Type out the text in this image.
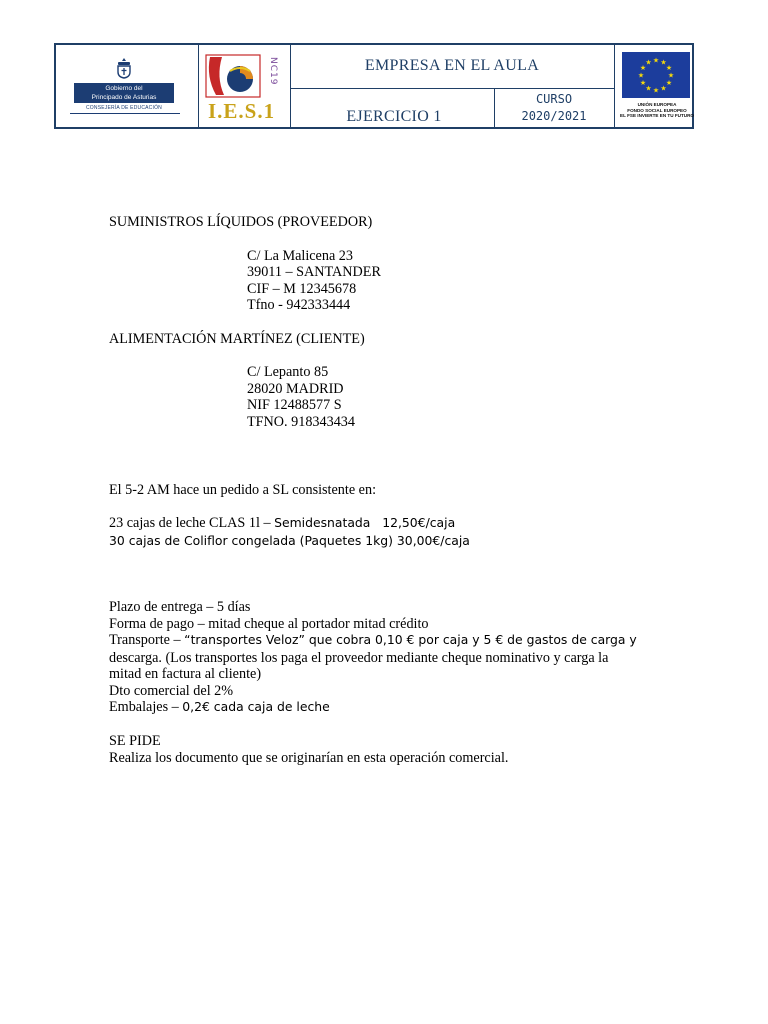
Gobierno del
Principado de Asturias
CONSEJERÍA DE EDUCACIÓN
NC19
I.E.S.1
EMPRESA EN EL AULA
EJERCICIO 1
CURSO
2020/2021
★ ★
★
★
★
★
★
★
★
★
★
★
UNIÓN EUROPEA
FONDO SOCIAL EUROPEO
EL FSE INVIERTE EN TU FUTURO
SUMINISTROS LÍQUIDOS (PROVEEDOR)
C/ La Malicena 23
39011 – SANTANDER
CIF – M 12345678
Tfno - 942333444
ALIMENTACIÓN MARTÍNEZ (CLIENTE)
C/ Lepanto 85
28020 MADRID
NIF 12488577 S
TFNO. 918343434
El 5-2 AM hace un pedido a SL consistente en:
23 cajas de leche CLAS 1l – Semidesnatada   12,50€/caja
30 cajas de Coliflor congelada (Paquetes 1kg) 30,00€/caja
Plazo de entrega – 5 días
Forma de pago – mitad cheque al portador mitad crédito
Transporte – “transportes Veloz” que cobra 0,10 € por caja y 5 € de gastos de carga y
descarga. (Los transportes los paga el proveedor mediante cheque nominativo y carga la
mitad en factura al cliente)
Dto comercial del 2%
Embalajes – 0,2€ cada caja de leche
SE PIDE
Realiza los documento que se originarían en esta operación comercial.
